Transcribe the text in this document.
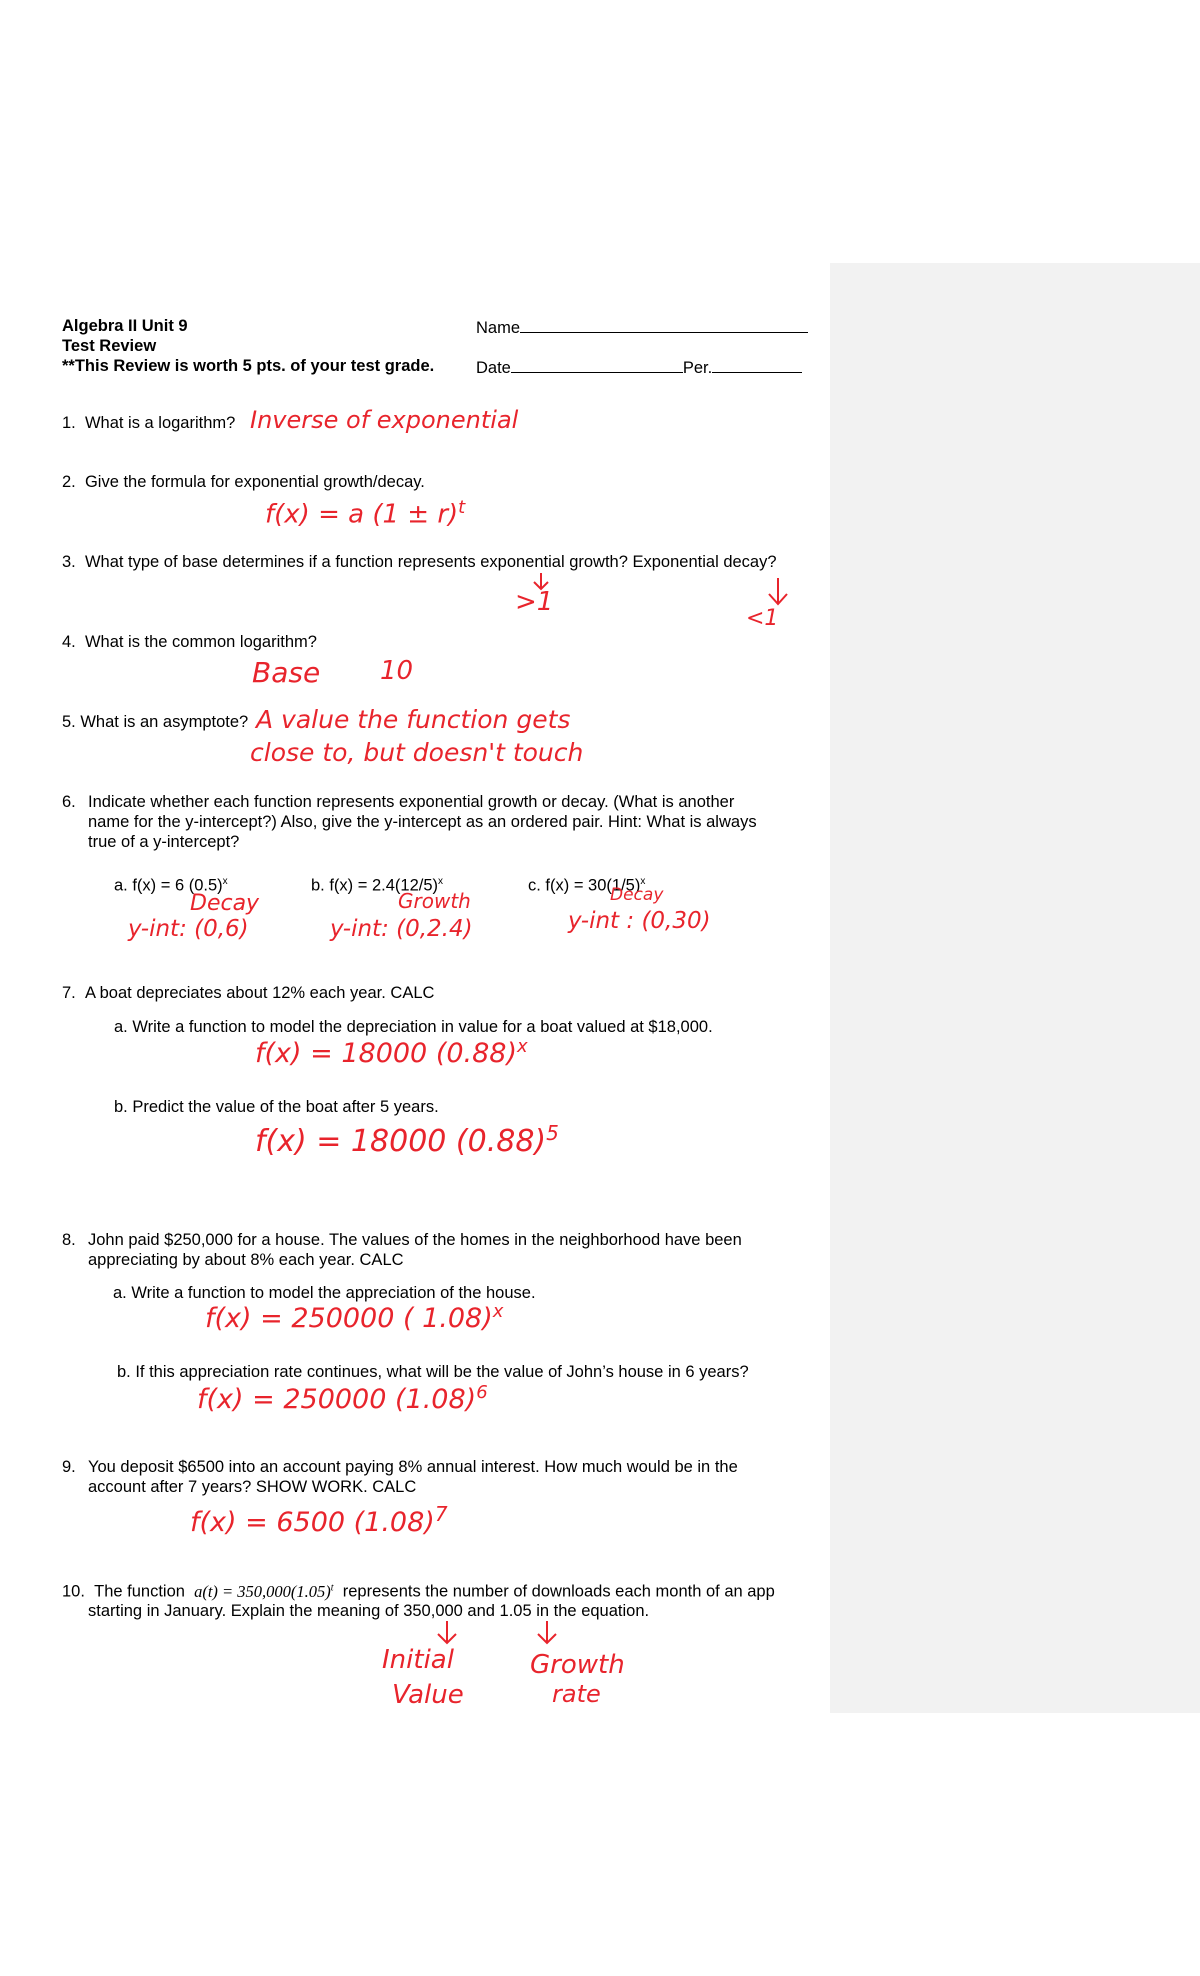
Algebra II Unit 9
Test Review
**This Review is worth 5 pts. of your test grade.
Name
Date	Per.
1. What is a logarithm? Inverse of exponential
2. Give the formula for exponential growth/decay.
f(x) = a $(1 \pm r)^t$
3. What type of base determines if a function represents exponential growth? Exponential decay?
>1
<1
4. What is the common logarithm?
Base 10
5. What is an asymptote? A value the function gets
close to, but doesn't touch
6. Indicate whether each function represents exponential growth or decay. (What is another
name for the y-intercept?) Also, give the y-intercept as an ordered pair. Hint: What is always
true of a y-intercept?
a. f(x) = 6 $(0.5)^x$	b. $f(x) = 2.4(12/5)^x$	c. $f(x) = 30(1/5)^x$
Decay
y-int: (0,6)
Growth
y-int: (0,2.4)
Decay
y-int : (0,30)
7. A boat depreciates about 12% each year. CALC
a. Write a function to model the depreciation in value for a boat valued at $18,000.
f(x) = 18000 $(0.88)^x$
b. Predict the value of the boat after 5 years.
f(x) = 18000 $(0.88)^5$
8. John paid $250,000 for a house. The values of the homes in the neighborhood have been
appreciating by about 8% each year. CALC
a. Write a function to model the appreciation of the house.
f(x) = 250000 ( 1.08)$^x$
b. If this appreciation rate continues, what will be the value of John’s house in 6 years?
f(x) = 250000 $(1.08)^6$
9. You deposit $6500 into an account paying 8% annual interest. How much would be in the
account after 7 years? SHOW WORK. CALC
f(x) = 6500 $(1.08)^7$
10. The function $a(t) = 350,000(1.05)^t$ represents the number of downloads each month of an app
starting in January. Explain the meaning of 350,000 and 1.05 in the equation.
Initial
Value
Growth
rate
